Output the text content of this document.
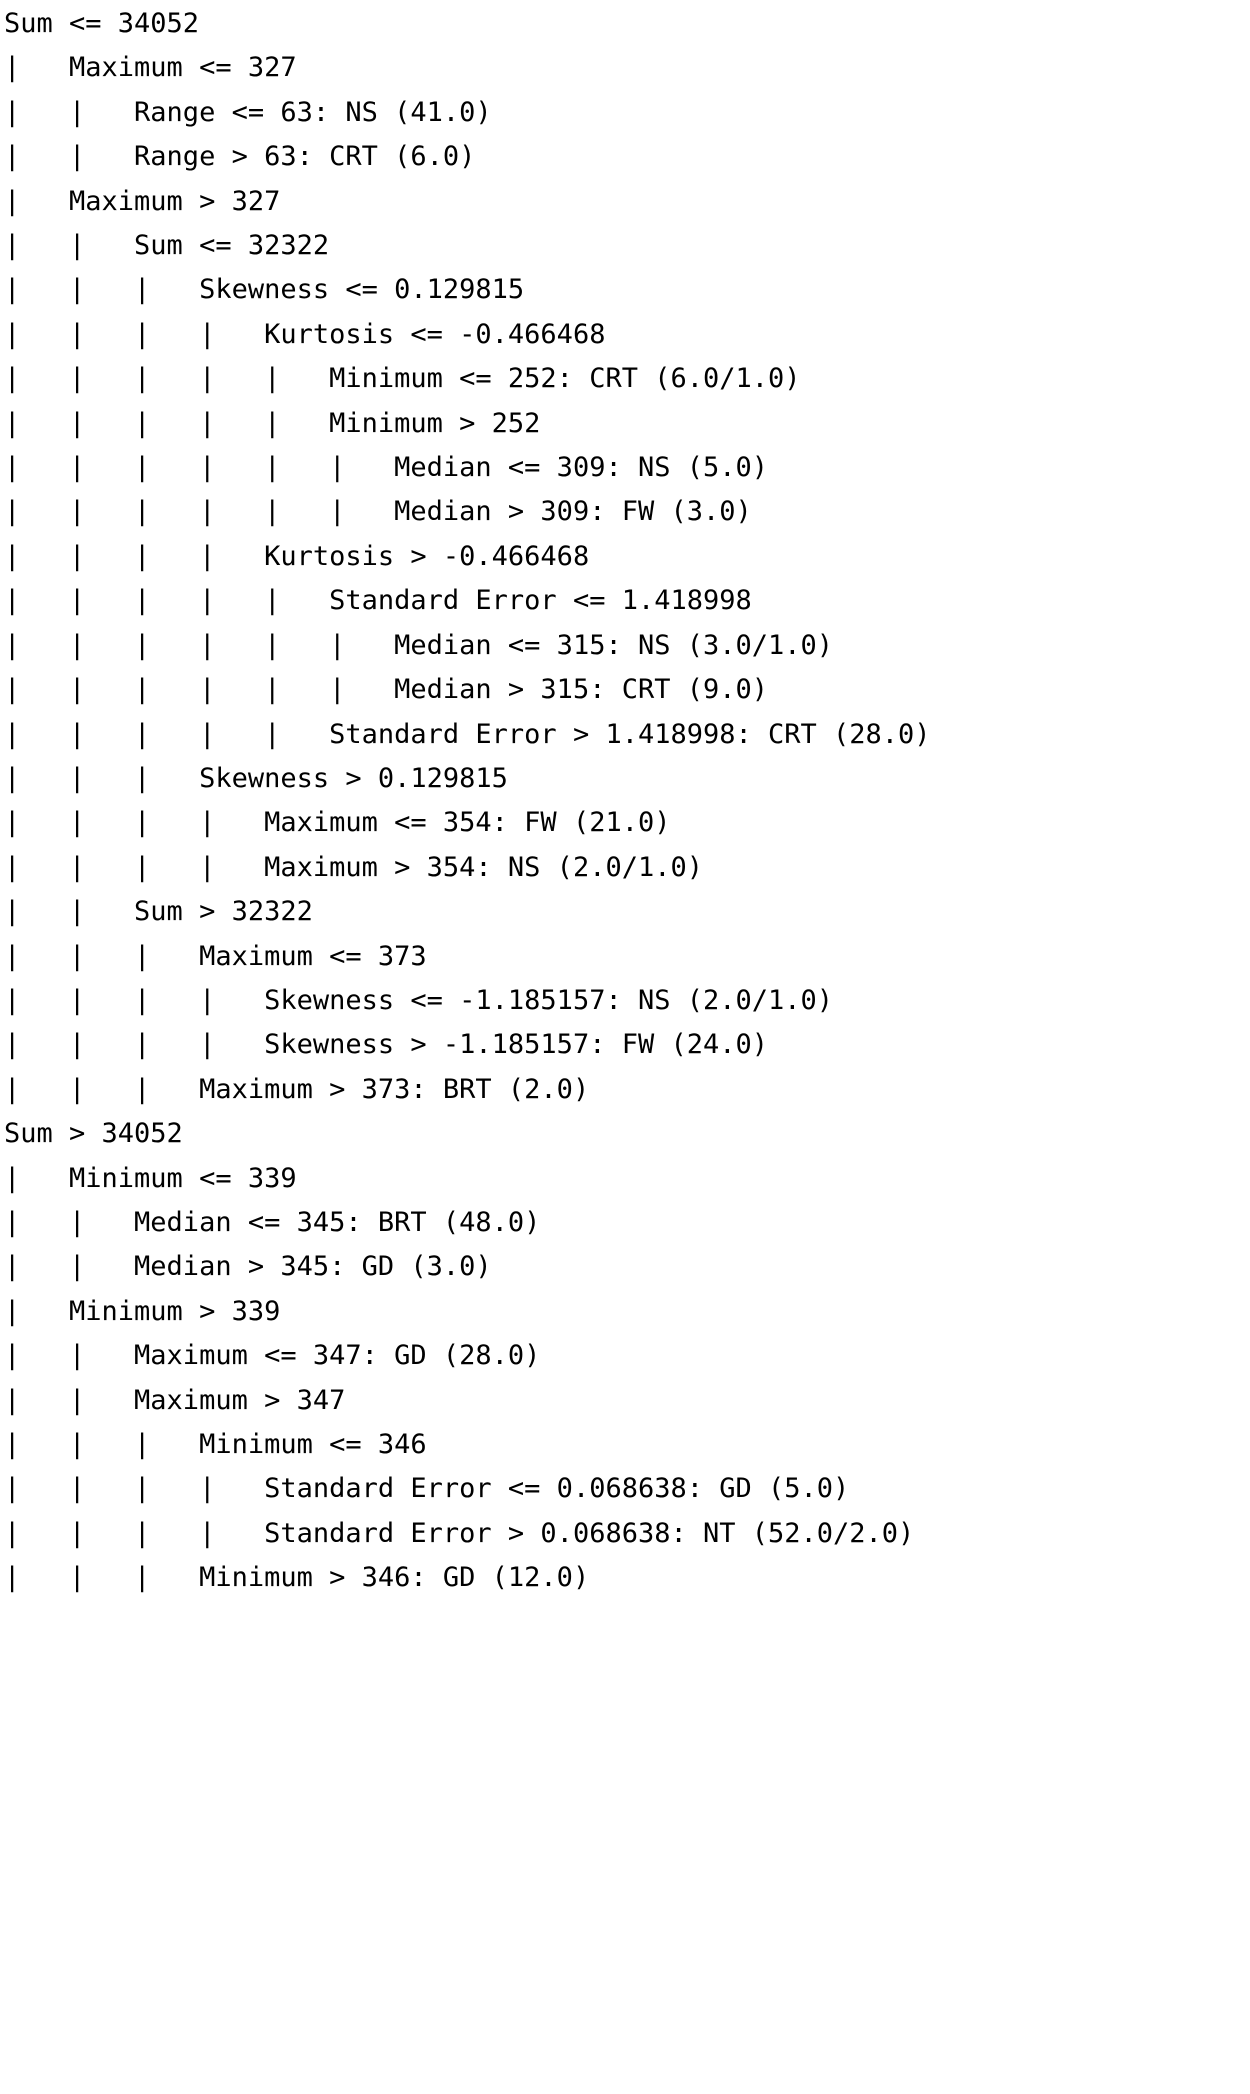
Sum <= 34052
|   Maximum <= 327
|   |   Range <= 63: NS (41.0)
|   |   Range > 63: CRT (6.0)
|   Maximum > 327
|   |   Sum <= 32322
|   |   |   Skewness <= 0.129815
|   |   |   |   Kurtosis <= -0.466468
|   |   |   |   |   Minimum <= 252: CRT (6.0/1.0)
|   |   |   |   |   Minimum > 252
|   |   |   |   |   |   Median <= 309: NS (5.0)
|   |   |   |   |   |   Median > 309: FW (3.0)
|   |   |   |   Kurtosis > -0.466468
|   |   |   |   |   Standard Error <= 1.418998
|   |   |   |   |   |   Median <= 315: NS (3.0/1.0)
|   |   |   |   |   |   Median > 315: CRT (9.0)
|   |   |   |   |   Standard Error > 1.418998: CRT (28.0)
|   |   |   Skewness > 0.129815
|   |   |   |   Maximum <= 354: FW (21.0)
|   |   |   |   Maximum > 354: NS (2.0/1.0)
|   |   Sum > 32322
|   |   |   Maximum <= 373
|   |   |   |   Skewness <= -1.185157: NS (2.0/1.0)
|   |   |   |   Skewness > -1.185157: FW (24.0)
|   |   |   Maximum > 373: BRT (2.0)
Sum > 34052
|   Minimum <= 339
|   |   Median <= 345: BRT (48.0)
|   |   Median > 345: GD (3.0)
|   Minimum > 339
|   |   Maximum <= 347: GD (28.0)
|   |   Maximum > 347
|   |   |   Minimum <= 346
|   |   |   |   Standard Error <= 0.068638: GD (5.0)
|   |   |   |   Standard Error > 0.068638: NT (52.0/2.0)
|   |   |   Minimum > 346: GD (12.0)
